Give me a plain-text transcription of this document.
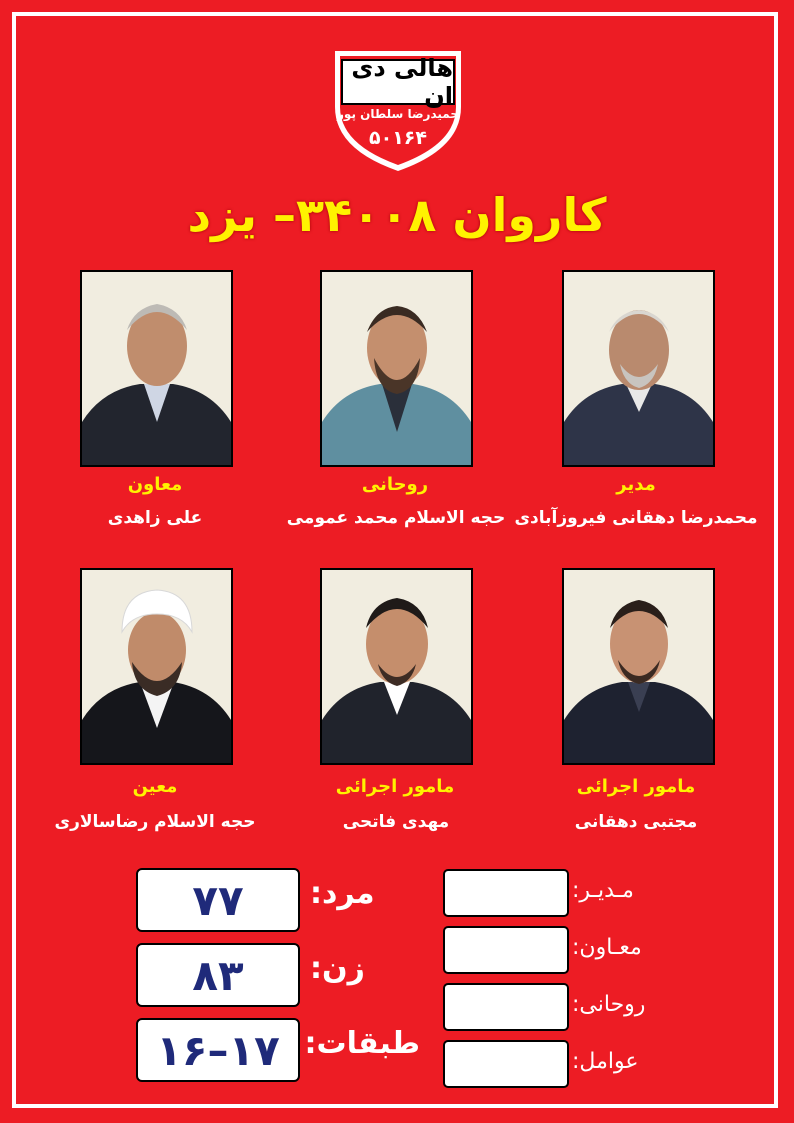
هالی دی ان
حمیدرضا سلطان پور
۵۰۱۶۴
کاروان ۳۴۰۰۸– یزد
مدیر
محمدرضا دهقانی فیروزآبادی
روحانی
حجه الاسلام محمد عمومی
معاون
علی زاهدی
مامور اجرائی
مجتبی دهقانی
مامور اجرائی
مهدی فاتحی
معین
حجه الاسلام رضاسالاری
۷۷	مرد:
۸۳	زن:
۱۷–۱۶ طبقات:
مـدیـر:
معـاون:
روحانی:
عوامل:
